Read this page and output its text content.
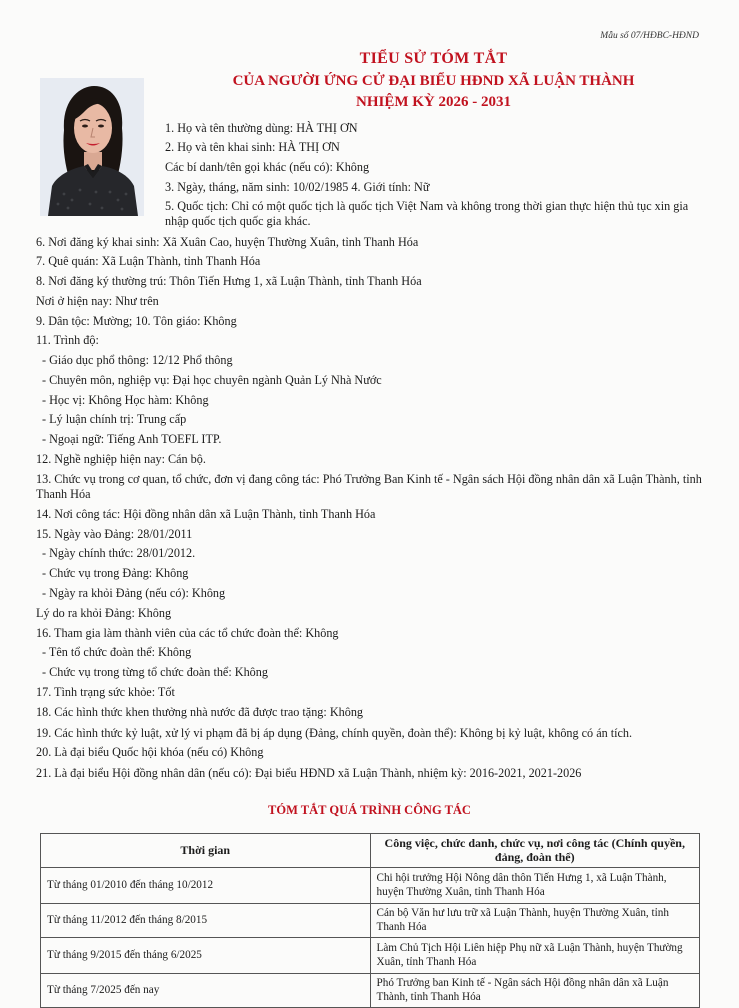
Mẫu số 07/HĐBC-HĐND
TIỂU SỬ TÓM TẮT
CỦA NGƯỜI ỨNG CỬ ĐẠI BIỂU HĐND XÃ LUẬN THÀNH
NHIỆM KỲ 2026 - 2031
1. Họ và tên thường dùng: HÀ THỊ ƠN
2. Họ và tên khai sinh: HÀ THỊ ƠN
Các bí danh/tên gọi khác (nếu có): Không
3. Ngày, tháng, năm sinh: 10/02/1985 4. Giới tính: Nữ
5. Quốc tịch: Chỉ có một quốc tịch là quốc tịch Việt Nam và không trong thời gian thực hiện thủ tục xin gia nhập quốc tịch quốc gia khác.
6. Nơi đăng ký khai sinh: Xã Xuân Cao, huyện Thường Xuân, tỉnh Thanh Hóa
7. Quê quán: Xã Luận Thành, tỉnh Thanh Hóa
8. Nơi đăng ký thường trú: Thôn Tiến Hưng 1, xã Luận Thành, tỉnh Thanh Hóa
Nơi ở hiện nay: Như trên
9. Dân tộc: Mường; 10. Tôn giáo: Không
11. Trình độ:
- Giáo dục phổ thông: 12/12 Phổ thông
- Chuyên môn, nghiệp vụ: Đại học chuyên ngành Quản Lý Nhà Nước
- Học vị: Không Học hàm: Không
- Lý luận chính trị: Trung cấp
- Ngoại ngữ: Tiếng Anh TOEFL ITP.
12. Nghề nghiệp hiện nay: Cán bộ.
13. Chức vụ trong cơ quan, tổ chức, đơn vị đang công tác: Phó Trưởng Ban Kinh tế - Ngân sách Hội đồng nhân dân xã Luận Thành, tỉnh Thanh Hóa
14. Nơi công tác: Hội đồng nhân dân xã Luận Thành, tỉnh Thanh Hóa
15. Ngày vào Đảng: 28/01/2011
- Ngày chính thức: 28/01/2012.
- Chức vụ trong Đảng: Không
- Ngày ra khỏi Đảng (nếu có): Không
Lý do ra khỏi Đảng: Không
16. Tham gia làm thành viên của các tổ chức đoàn thể: Không
- Tên tổ chức đoàn thể: Không
- Chức vụ trong từng tổ chức đoàn thể: Không
17. Tình trạng sức khỏe: Tốt
18. Các hình thức khen thưởng nhà nước đã được trao tặng: Không
19. Các hình thức kỷ luật, xử lý vi phạm đã bị áp dụng (Đảng, chính quyền, đoàn thể): Không bị kỷ luật, không có án tích.
20. Là đại biểu Quốc hội khóa (nếu có) Không
21. Là đại biểu Hội đồng nhân dân (nếu có): Đại biểu HĐND xã Luận Thành, nhiệm kỳ: 2016-2021, 2021-2026
TÓM TẮT QUÁ TRÌNH CÔNG TÁC
Thời gian	Công việc, chức danh, chức vụ, nơi công tác (Chính quyền, đảng, đoàn thể)
Từ tháng 01/2010 đến tháng 10/2012	Chi hội trưởng Hội Nông dân thôn Tiến Hưng 1, xã Luận Thành, huyện Thường Xuân, tỉnh Thanh Hóa
Từ tháng 11/2012 đến tháng 8/2015	Cán bộ Văn hư lưu trữ xã Luận Thành, huyện Thường Xuân, tỉnh Thanh Hóa
Từ tháng 9/2015 đến tháng 6/2025	Làm Chủ Tịch Hội Liên hiệp Phụ nữ xã Luận Thành, huyện Thường Xuân, tỉnh Thanh Hóa
Từ tháng 7/2025 đến nay	Phó Trưởng ban Kinh tế - Ngân sách Hội đồng nhân dân xã Luận Thành, tỉnh Thanh Hóa
